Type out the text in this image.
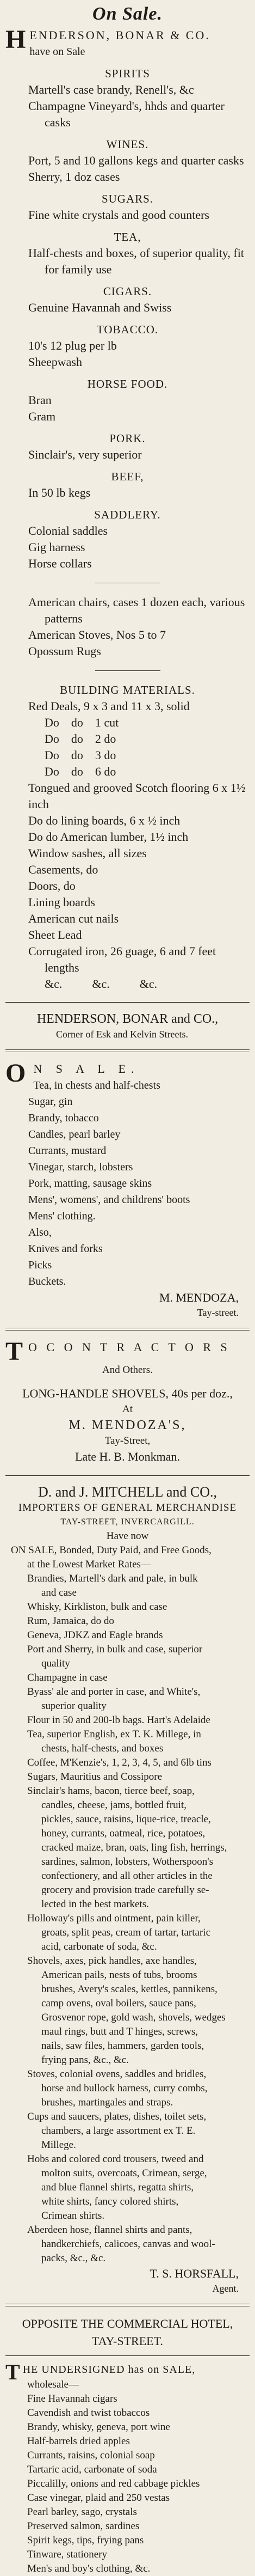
On Sale.
H ENDERSON, BONAR & CO.
have on Sale
SPIRITS
Martell's case brandy, Renell's, &c
Champagne Vineyard's, hhds and quarter
casks
WINES.
Port, 5 and 10 gallons kegs and quarter casks
Sherry, 1 doz cases
SUGARS.
Fine white crystals and good counters
TEA,
Half-chests and boxes, of superior quality, fit
for family use
CIGARS.
Genuine Havannah and Swiss
TOBACCO.
10's 12 plug per lb
Sheepwash
HORSE FOOD.
Bran
Gram
PORK.
Sinclair's, very superior
BEEF,
In 50 lb kegs
SADDLERY.
Colonial saddles
Gig harness
Horse collars
American chairs, cases 1 dozen each, various
patterns
American Stoves, Nos 5 to 7
Opossum Rugs
BUILDING MATERIALS.
Red Deals, 9 x 3 and 11 x 3, solid
Do    do    1 cut
Do    do    2 do
Do    do    3 do
Do    do    6 do
Tongued and grooved Scotch flooring 6 x 1½
inch
Do do lining boards, 6 x ½ inch
Do do American lumber, 1½ inch
Window sashes, all sizes
Casements, do
Doors, do
Lining boards
American cut nails
Sheet Lead
Corrugated iron, 26 guage, 6 and 7 feet
lengths
&c.          &c.          &c.
HENDERSON, BONAR and CO.,
Corner of Esk and Kelvin Streets.
O N S A L E.
Tea, in chests and half-chests
Sugar, gin
Brandy, tobacco
Candles, pearl barley
Currants, mustard
Vinegar, starch, lobsters
Pork, matting, sausage skins
Mens', womens', and childrens' boots
Mens' clothing.
Also,
Knives and forks
Picks
Buckets.
M. MENDOZA,
Tay-street.
T O C O N T R A C T O R S
And Others.
LONG-HANDLE SHOVELS, 40s per doz.,
At
M. MENDOZA'S,
Tay-Street,
Late H. B. Monkman.
D. and J. MITCHELL and CO.,
IMPORTERS OF GENERAL MERCHANDISE
TAY-STREET, INVERCARGILL.
Have now
ON SALE, Bonded, Duty Paid, and Free Goods,
at the Lowest Market Rates—
Brandies, Martell's dark and pale, in bulk
and case
Whisky, Kirkliston, bulk and case
Rum, Jamaica, do do
Geneva, JDKZ and Eagle brands
Port and Sherry, in bulk and case, superior
quality
Champagne in case
Byass' ale and porter in case, and White's,
superior quality
Flour in 50 and 200-lb bags. Hart's Adelaide
Tea, superior English, ex T. K. Millege, in
chests, half-chests, and boxes
Coffee, M'Kenzie's, 1, 2, 3, 4, 5, and 6lb tins
Sugars, Mauritius and Cossipore
Sinclair's hams, bacon, tierce beef, soap,
candles, cheese, jams, bottled fruit,
pickles, sauce, raisins, lique-rice, treacle,
honey, currants, oatmeal, rice, potatoes,
cracked maize, bran, oats, ling fish, herrings,
sardines, salmon, lobsters, Wotherspoon's
confectionery, and all other articles in the
grocery and provision trade carefully se-
lected in the best markets.
Holloway's pills and ointment, pain killer,
groats, split peas, cream of tartar, tartaric
acid, carbonate of soda, &c.
Shovels, axes, pick handles, axe handles,
American pails, nests of tubs, brooms
brushes, Avery's scales, kettles, pannikens,
camp ovens, oval boilers, sauce pans,
Grosvenor rope, gold wash, shovels, wedges
maul rings, butt and T hinges, screws,
nails, saw files, hammers, garden tools,
frying pans, &c., &c.
Stoves, colonial ovens, saddles and bridles,
horse and bullock harness, curry combs,
brushes, martingales and straps.
Cups and saucers, plates, dishes, toilet sets,
chambers, a large assortment ex T. E.
Millege.
Hobs and colored cord trousers, tweed and
molton suits, overcoats, Crimean, serge,
and blue flannel shirts, regatta shirts,
white shirts, fancy colored shirts,
Crimean shirts.
Aberdeen hose, flannel shirts and pants,
handkerchiefs, calicoes, canvas and wool-
packs, &c., &c.
T. S. HORSFALL,
Agent.
OPPOSITE THE COMMERCIAL HOTEL,
TAY-STREET.
T HE UNDERSIGNED has on SALE,
wholesale—
Fine Havannah cigars
Cavendish and twist tobaccos
Brandy, whisky, geneva, port wine
Half-barrels dried apples
Currants, raisins, colonial soap
Tartaric acid, carbonate of soda
Piccalilly, onions and red cabbage pickles
Case vinegar, plaid and 250 vestas
Pearl barley, sago, crystals
Preserved salmon, sardines
Spirit kegs, tips, frying pans
Tinware, stationery
Men's and boy's clothing, &c.
